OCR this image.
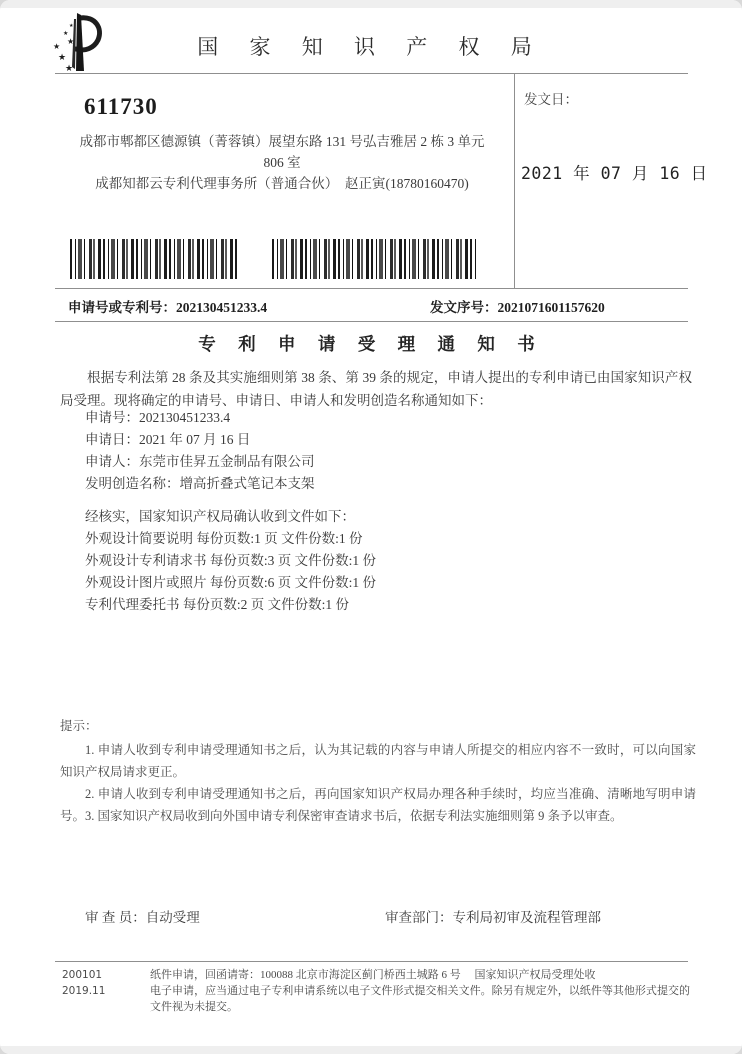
★
★
★
★
★
★
国 家 知 识 产 权 局
611730
成都市郫都区德源镇（菁蓉镇）展望东路 131 号弘吉雅居 2 栋 3 单元
806 室
成都知都云专利代理事务所（普通合伙）　赵正寅(18780160470)
发文日：
2021 年 07 月 16 日
申请号或专利号：202130451233.4	发文序号：2021071601157620
专 利 申 请 受 理 通 知 书
根据专利法第 28 条及其实施细则第 38 条、第 39 条的规定，申请人提出的专利申请已由国家知识产权局受理。现将确定的申请号、申请日、申请人和发明创造名称通知如下：
申请号：202130451233.4
申请日：2021 年 07 月 16 日
申请人：东莞市佳昇五金制品有限公司
发明创造名称：增高折叠式笔记本支架
经核实，国家知识产权局确认收到文件如下：
外观设计简要说明 每份页数:1 页 文件份数:1 份
外观设计专利请求书 每份页数:3 页 文件份数:1 份
外观设计图片或照片 每份页数:6 页 文件份数:1 份
专利代理委托书 每份页数:2 页 文件份数:1 份
提示：
1. 申请人收到专利申请受理通知书之后，认为其记载的内容与申请人所提交的相应内容不一致时，可以向国家知识产权局请求更正。
2. 申请人收到专利申请受理通知书之后，再向国家知识产权局办理各种手续时，均应当准确、清晰地写明申请号。 3. 国家知识产权局收到向外国申请专利保密审查请求书后，依据专利法实施细则第 9 条予以审查。
审 查 员：自动受理	审查部门：专利局初审及流程管理部
200101
2019.11

纸件申请，回函请寄：100088 北京市海淀区蓟门桥西土城路 6 号　 国家知识产权局受理处收

电子申请，应当通过电子专利申请系统以电子文件形式提交相关文件。除另有规定外，以纸件等其他形式提交的文件视为未提交。
